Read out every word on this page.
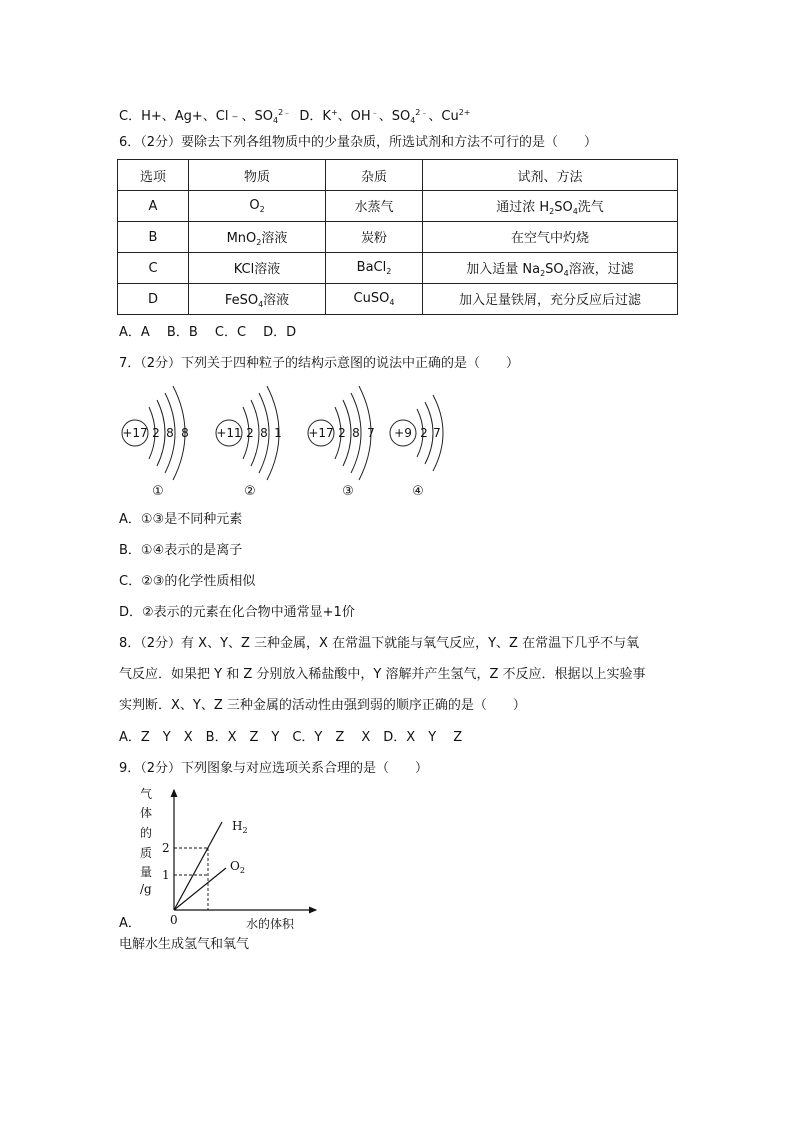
C．H+、Ag+、Cl﹣、$SO_4^{2﹣}$ D．K+、OH﹣、$SO_4^{2﹣}$、$Cu^{2+}$
6．（2分）要除去下列各组物质中的少量杂质，所选试剂和方法不可行的是（　　）
选项	物质	杂质	试剂、方法
A	$O_2$	水蒸气	通过浓 $H_2SO_4$洗气
B	MnO$_2$溶液	炭粉	在空气中灼烧
C	KCl溶液	BaCl$_2$	加入适量 $Na_2SO_4$溶液，过滤
D	FeSO$_4$溶液	CuSO$_4$	加入足量铁屑，充分反应后过滤
A．A　 B．B　 C．C　 D．D
7．（2分）下列关于四种粒子的结构示意图的说法中正确的是（　　）
+17 2 8 8
①
+11 2 8 1
②
+17 2 8 7
③
+9 2 7
④
A．①③是不同种元素
B．①④表示的是离子
C．②③的化学性质相似
D．②表示的元素在化合物中通常显+1价
8．（2分）有 X、Y、Z 三种金属，X 在常温下就能与氧气反应，Y、Z 在常温下几乎不与氧
气反应．如果把 Y 和 Z 分别放入稀盐酸中，Y 溶解并产生氢气，Z 不反应．根据以上实验事
实判断．X、Y、Z 三种金属的活动性由强到弱的顺序正确的是（　　）
A．Z　Y　X　B．X　Z　Y　C．Y　Z　 X　D．X　Y　 Z
9．（2分）下列图象与对应选项关系合理的是（　　）
气
体
的
质
量
/g
2
1
0	水的体积
$H_2$
$O_2$
A．
电解水生成氢气和氧气
